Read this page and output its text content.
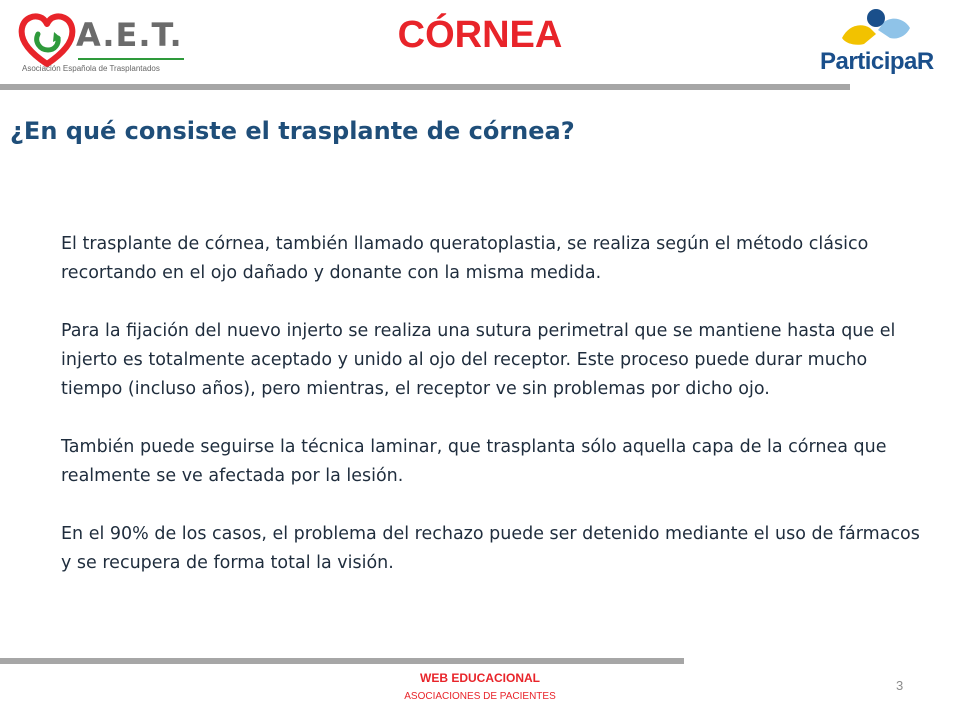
A.E.T.
Asociación Española de Trasplantados
CÓRNEA
ParticipaR
¿En qué consiste el trasplante de córnea?

El trasplante de córnea, también llamado queratoplastia, se realiza según el método clásico recortando en el ojo dañado y donante con la misma medida.

Para la fijación del nuevo injerto se realiza una sutura perimetral que se mantiene hasta que el injerto es totalmente aceptado y unido al ojo del receptor. Este proceso puede durar mucho tiempo (incluso años), pero mientras, el receptor ve sin problemas por dicho ojo.

También puede seguirse la técnica laminar, que trasplanta sólo aquella capa de la córnea que realmente se ve afectada por la lesión.

En el 90% de los casos, el problema del rechazo puede ser detenido mediante el uso de fármacos y se recupera de forma total la visión.

WEB EDUCACIONAL
ASOCIACIONES DE PACIENTES
3
